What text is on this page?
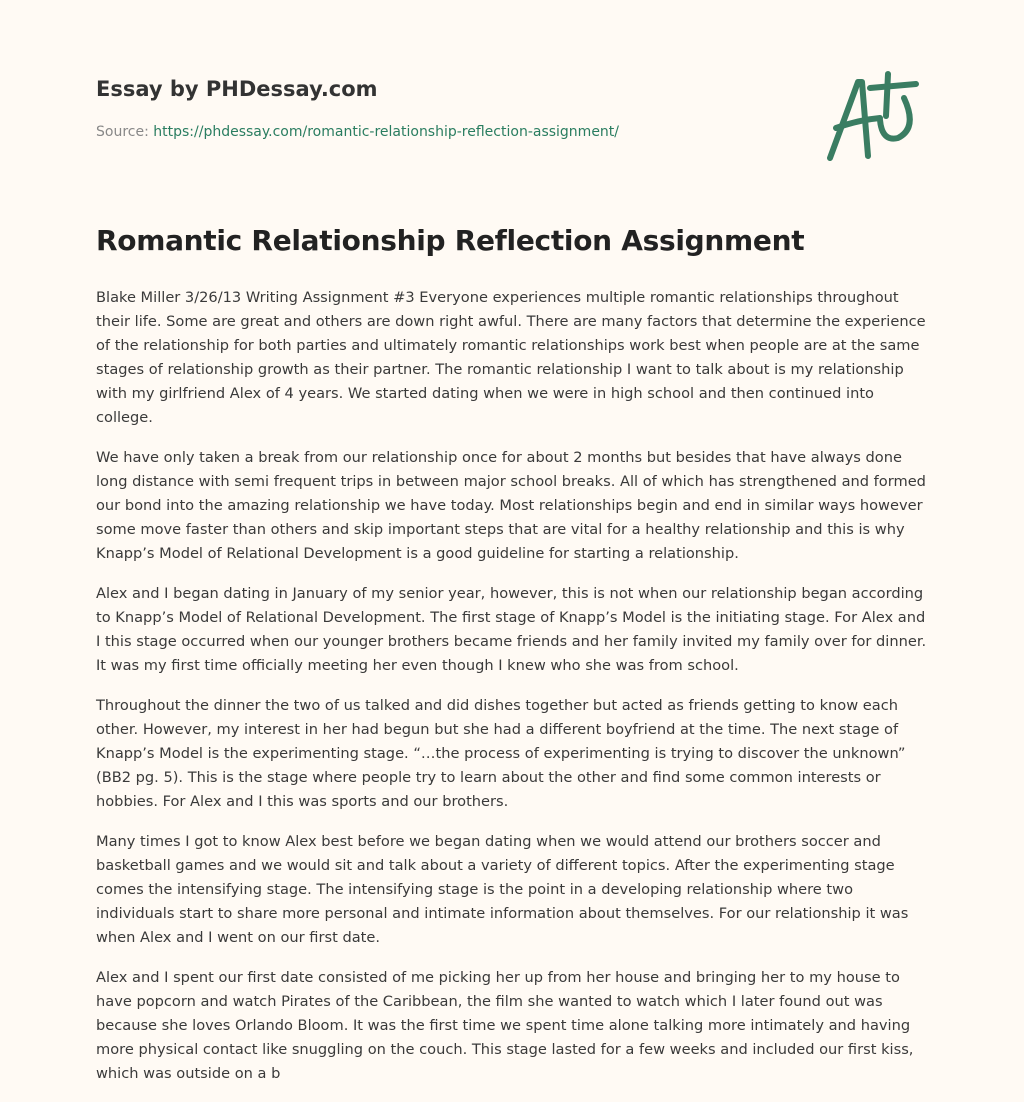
Essay by PHDessay.com
Source: https://phdessay.com/romantic-relationship-reflection-assignment/
Romantic Relationship Reflection Assignment

Blake Miller 3/26/13 Writing Assignment #3 Everyone experiences multiple romantic relationships throughout their life. Some are great and others are down right awful. There are many factors that determine the experience of the relationship for both parties and ultimately romantic relationships work best when people are at the same stages of relationship growth as their partner. The romantic relationship I want to talk about is my relationship with my girlfriend Alex of 4 years. We started dating when we were in high school and then continued into college.

We have only taken a break from our relationship once for about 2 months but besides that have always done long distance with semi frequent trips in between major school breaks. All of which has strengthened and formed our bond into the amazing relationship we have today. Most relationships begin and end in similar ways however some move faster than others and skip important steps that are vital for a healthy relationship and this is why Knapp’s Model of Relational Development is a good guideline for starting a relationship.

Alex and I began dating in January of my senior year, however, this is not when our relationship began according to Knapp’s Model of Relational Development. The first stage of Knapp’s Model is the initiating stage. For Alex and I this stage occurred when our younger brothers became friends and her family invited my family over for dinner. It was my first time officially meeting her even though I knew who she was from school.

Throughout the dinner the two of us talked and did dishes together but acted as friends getting to know each other. However, my interest in her had begun but she had a different boyfriend at the time. The next stage of Knapp’s Model is the experimenting stage. “…the process of experimenting is trying to discover the unknown” (BB2 pg. 5). This is the stage where people try to learn about the other and find some common interests or hobbies. For Alex and I this was sports and our brothers.

Many times I got to know Alex best before we began dating when we would attend our brothers soccer and basketball games and we would sit and talk about a variety of different topics. After the experimenting stage comes the intensifying stage. The intensifying stage is the point in a developing relationship where two individuals start to share more personal and intimate information about themselves. For our relationship it was when Alex and I went on our first date.

Alex and I spent our first date consisted of me picking her up from her house and bringing her to my house to have popcorn and watch Pirates of the Caribbean, the film she wanted to watch which I later found out was because she loves Orlando Bloom. It was the first time we spent time alone talking more intimately and having more physical contact like snuggling on the couch. This stage lasted for a few weeks and included our first kiss, which was outside on a b
